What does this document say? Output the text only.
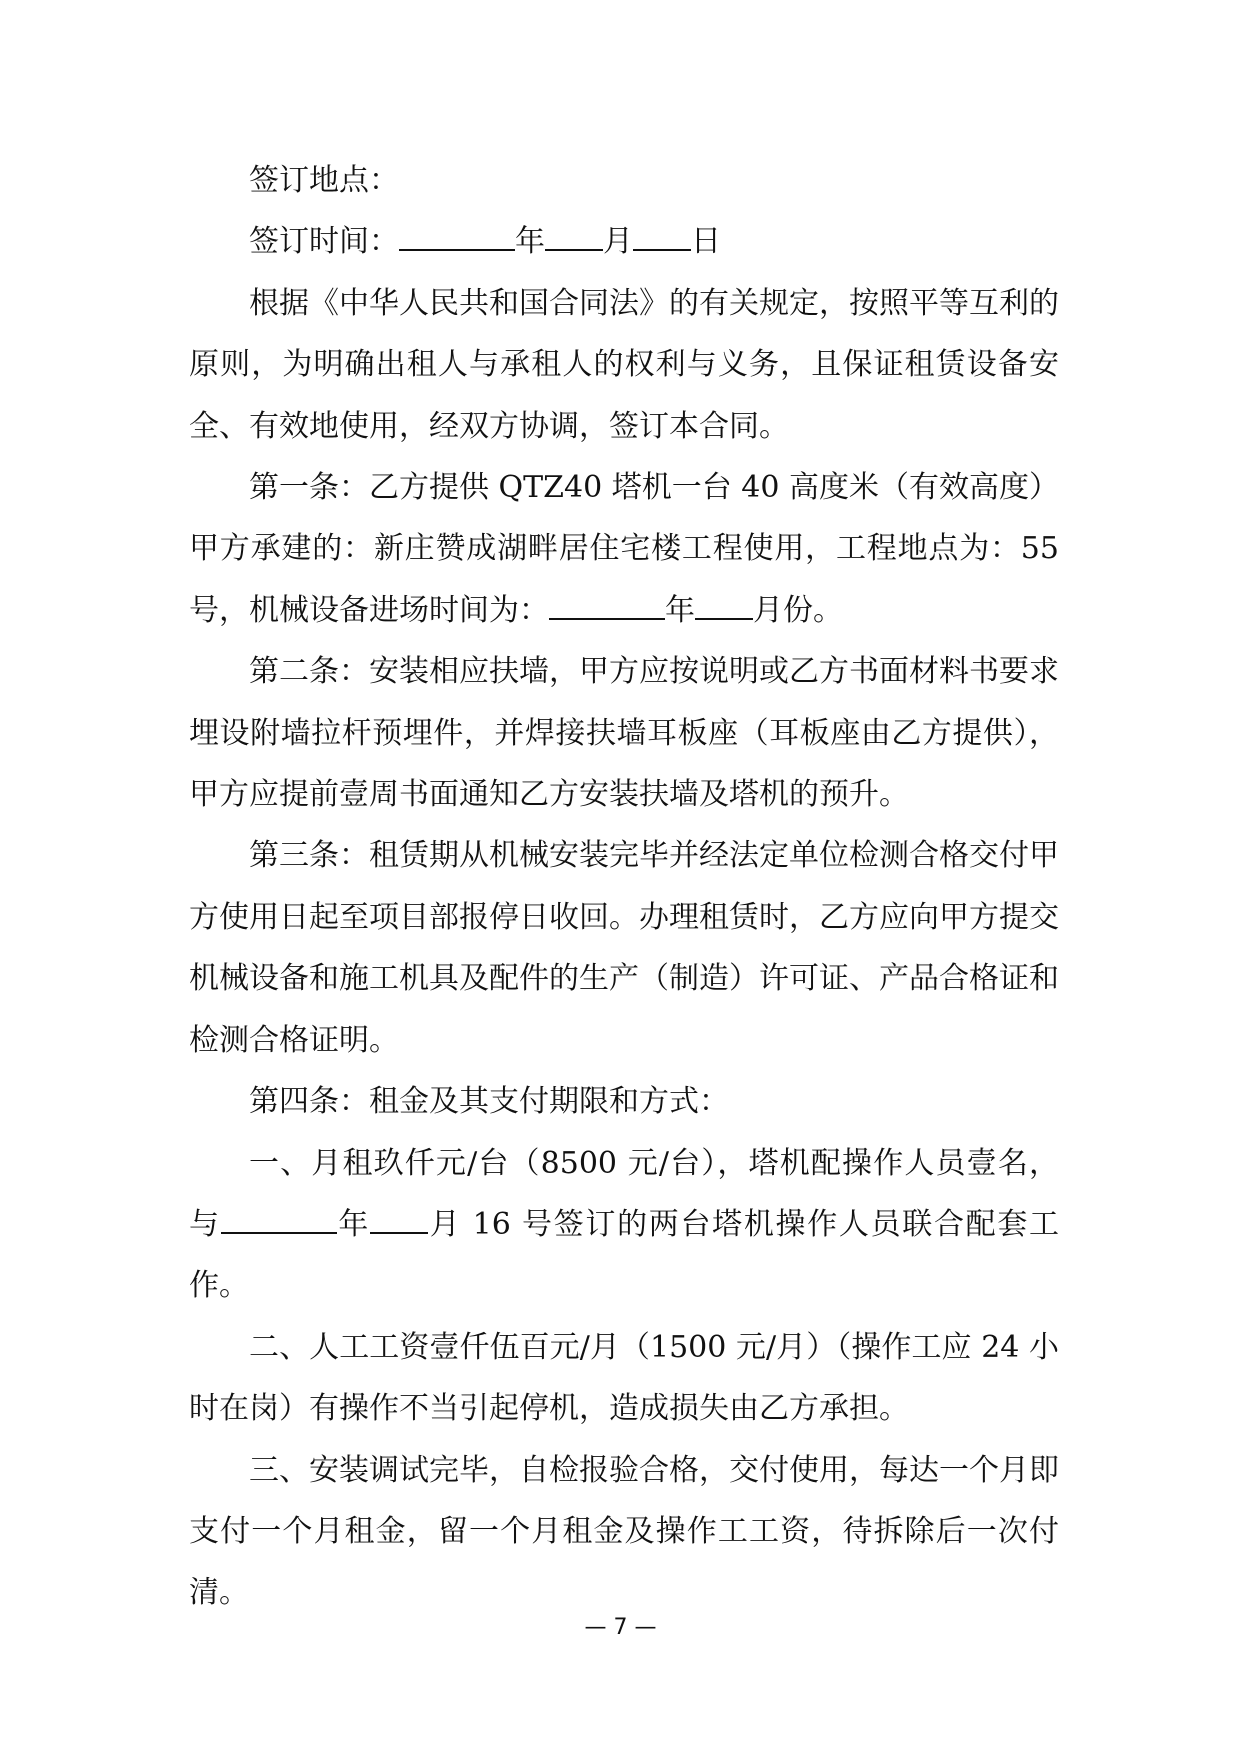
签订地点：

签订时间：	年 月 日

根据《中华人民共和国合同法》的有关规定，按照平等互利的原则，为明确出租人与承租人的权利与义务，且保证租赁设备安全、有效地使用，经双方协调，签订本合同。

第一条：乙方提供 QTZ40 塔机一台 40 高度米（有效高度）甲方承建的：新庄赞成湖畔居住宅楼工程使用，工程地点为：55 号，机械设备进场时间为：	年 月份。

第二条：安装相应扶墙，甲方应按说明或乙方书面材料书要求埋设附墙拉杆预埋件，并焊接扶墙耳板座（耳板座由乙方提供），甲方应提前壹周书面通知乙方安装扶墙及塔机的预升。

第三条：租赁期从机械安装完毕并经法定单位检测合格交付甲方使用日起至项目部报停日收回。办理租赁时，乙方应向甲方提交机械设备和施工机具及配件的生产（制造）许可证、产品合格证和检测合格证明。

第四条：租金及其支付期限和方式：

一、月租玖仟元/台（8500 元/台），塔机配操作人员壹名，与	年 月 16 号签订的两台塔机操作人员联合配套工作。

二、人工工资壹仟伍百元/月（1500 元/月）（操作工应 24 小时在岗）有操作不当引起停机，造成损失由乙方承担。

三、安装调试完毕，自检报验合格，交付使用，每达一个月即支付一个月租金，留一个月租金及操作工工资，待拆除后一次付清。

— 7 —
